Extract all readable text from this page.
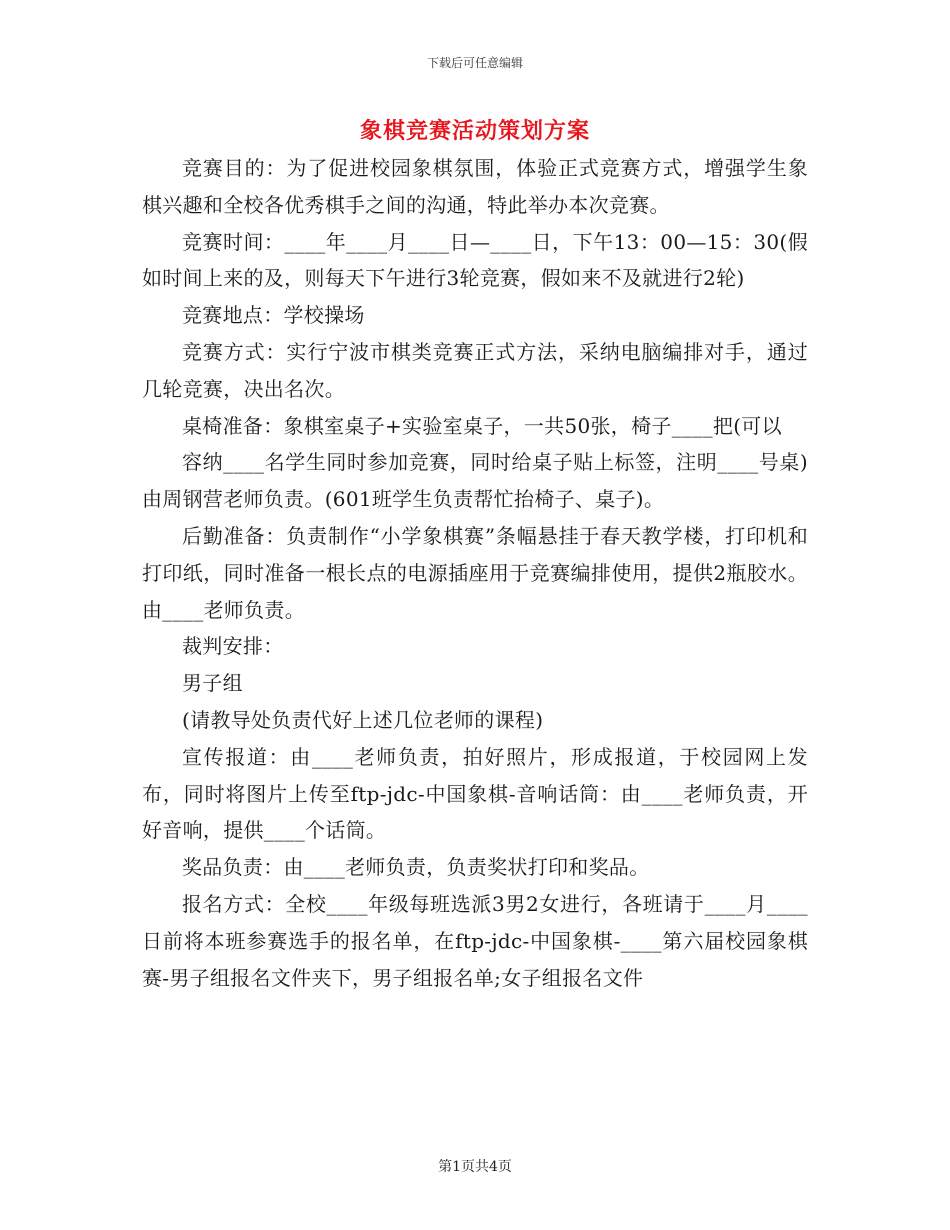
下载后可任意编辑
象棋竞赛活动策划方案

竞赛目的：为了促进校园象棋氛围，体验正式竞赛方式，增强学生象棋兴趣和全校各优秀棋手之间的沟通，特此举办本次竞赛。

竞赛时间：____年____月____日—____日，下午13：00—15：30(假如时间上来的及，则每天下午进行3轮竞赛，假如来不及就进行2轮)

竞赛地点：学校操场

竞赛方式：实行宁波市棋类竞赛正式方法，采纳电脑编排对手，通过几轮竞赛，决出名次。

桌椅准备：象棋室桌子+实验室桌子，一共50张，椅子____把(可以

容纳____名学生同时参加竞赛，同时给桌子贴上标签，注明____号桌)由周钢营老师负责。(601班学生负责帮忙抬椅子、桌子)。

后勤准备：负责制作“小学象棋赛”条幅悬挂于春天教学楼，打印机和打印纸，同时准备一根长点的电源插座用于竞赛编排使用，提供2瓶胶水。由____老师负责。

裁判安排：

男子组

(请教导处负责代好上述几位老师的课程)

宣传报道：由____老师负责，拍好照片，形成报道，于校园网上发布，同时将图片上传至ftp-jdc-中国象棋-音响话筒：由____老师负责，开好音响，提供____个话筒。

奖品负责：由____老师负责，负责奖状打印和奖品。

报名方式：全校____年级每班选派3男2女进行，各班请于____月____日前将本班参赛选手的报名单，在ftp-jdc-中国象棋-____第六届校园象棋赛-男子组报名文件夹下，男子组报名单;女子组报名文件

第1页共4页
